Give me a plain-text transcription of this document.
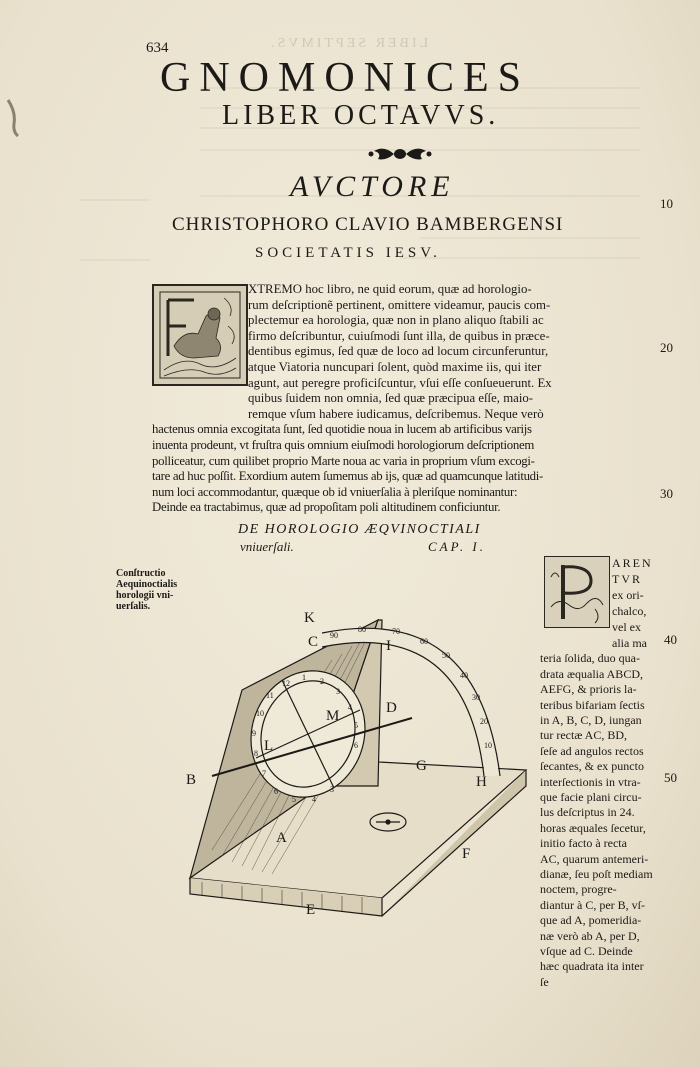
LIBER SEPTIMVS.
634
GNOMONICES
LIBER OCTAVVS.
AVCTORE
CHRISTOPHORO CLAVIO BAMBERGENSI
SOCIETATIS IESV.
10
20
30
40
50
XTREMO hoc libro, ne quid eorum, quæ ad horologio-
rum deſcriptionẽ pertinent, omittere videamur, paucis com-
plectemur ea horologia, quæ non in plano aliquo ſtabili ac
firmo deſcribuntur, cuiuſmodi ſunt illa, de quibus in præce-
dentibus egimus, ſed quæ de loco ad locum circunferuntur,
atque Viatoria nuncupari ſolent, quòd maxime iis, qui iter
agunt, aut peregre proficiſcuntur, vſui eſſe conſueuerunt. Ex
quibus ſuidem non omnia, ſed quæ præcipua eſſe, maio-
remque vſum habere iudicamus, deſcribemus. Neque verò
hactenus omnia excogitata ſunt, ſed quotidie noua in lucem ab artificibus varijs
inuenta prodeunt, vt fruſtra quis omnium eiuſmodi horologiorum deſcriptionem
polliceatur, cum quilibet proprio Marte noua ac varia in proprium vſum excogi-
tare ad huc poſſit. Exordium autem ſumemus ab ijs, quæ ad quamcunque latitudi-
num loci accommodantur, quæque ob id vniuerſalia à pleriſque nominantur:
Deinde ea tractabimus, quæ ad propoſitam poli altitudinem conficiuntur.
DE HOROLOGIO ÆQVINOCTIALI
vniuerſali.	CAP. I.
Conſtructio
Aequinoctialis
horologii vni-
uerſalis.
AREN
TVR
ex ori-
chalco,
vel ex
alia ma
teria ſolida, duo qua-
drata æqualia ABCD,
AEFG, & prioris la-
teribus bifariam ſectis
in A, B, C, D, iungan
tur rectæ AC, BD,
ſeſe ad angulos rectos
ſecantes, & ex puncto
interſectionis in vtra-
que facie plani circu-
lus deſcriptus in 24.
horas æquales ſecetur,
initio facto à recta
AC, quarum antemeri-
dianæ, ſeu poſt mediam
noctem, progre-
diantur à C, per B, vſ-
que ad A, pomeridia-
næ verò ab A, per D,
vſque ad C. Deinde
hæc quadrata ita inter
ſe
1 2
3
4
5
6
12
11
10
9
8
7
6
5 4
3
90
80	70
60
50
40
30
20
10
K
C	I
D
M
L
B
G
H
A
F
E
